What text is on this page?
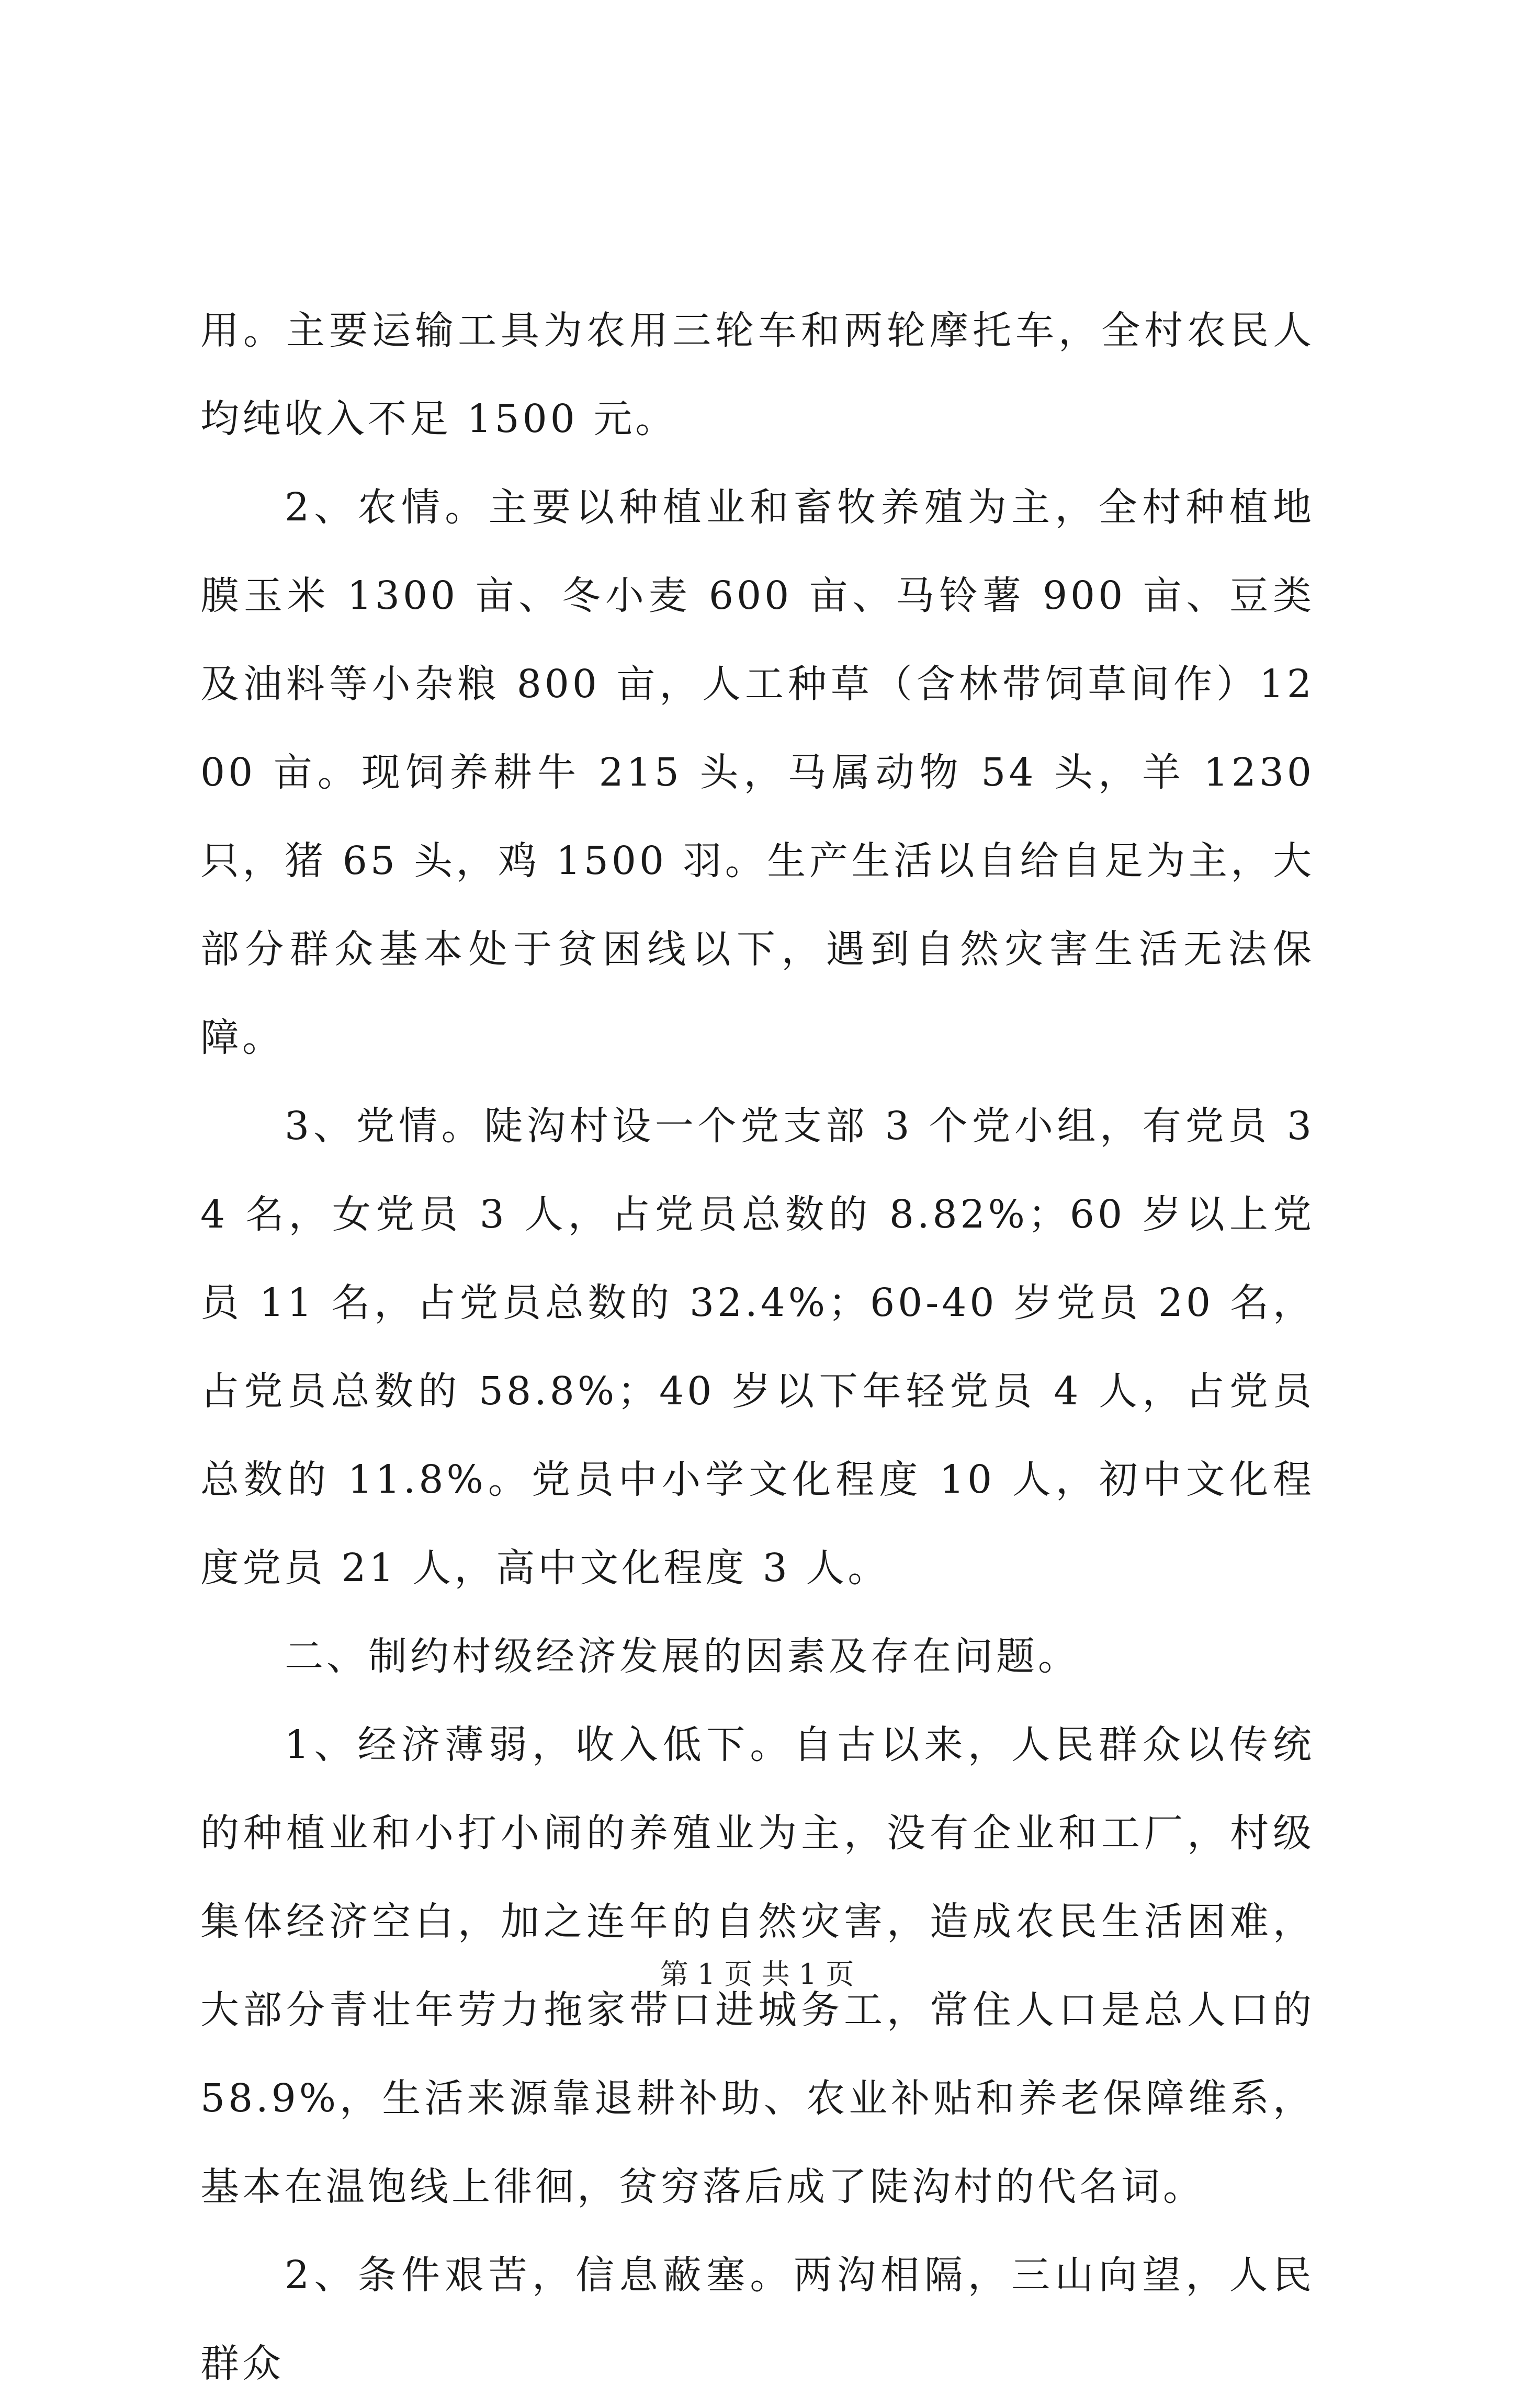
用。主要运输工具为农用三轮车和两轮摩托车，全村农民人均纯收入不足 1500 元。

2、农情。主要以种植业和畜牧养殖为主，全村种植地膜玉米 1300 亩、冬小麦 600 亩、马铃薯 900 亩、豆类及油料等小杂粮 800 亩，人工种草（含林带饲草间作）1200 亩。现饲养耕牛 215 头，马属动物 54 头，羊 1230 只，猪 65 头，鸡 1500 羽。生产生活以自给自足为主，大部分群众基本处于贫困线以下，遇到自然灾害生活无法保障。

3、党情。陡沟村设一个党支部 3 个党小组，有党员 34 名，女党员 3 人，占党员总数的 8.82%；60 岁以上党员 11 名，占党员总数的 32.4%；60-40 岁党员 20 名，占党员总数的 58.8%；40 岁以下年轻党员 4 人，占党员总数的 11.8%。党员中小学文化程度 10 人，初中文化程度党员 21 人，高中文化程度 3 人。

二、制约村级经济发展的因素及存在问题。

1、经济薄弱，收入低下。自古以来，人民群众以传统的种植业和小打小闹的养殖业为主，没有企业和工厂，村级集体经济空白，加之连年的自然灾害，造成农民生活困难，大部分青壮年劳力拖家带口进城务工，常住人口是总人口的 58.9%，生活来源靠退耕补助、农业补贴和养老保障维系，基本在温饱线上徘徊，贫穷落后成了陡沟村的代名词。

2、条件艰苦，信息蔽塞。两沟相隔，三山向望，人民群众

第 1 页 共 1 页
